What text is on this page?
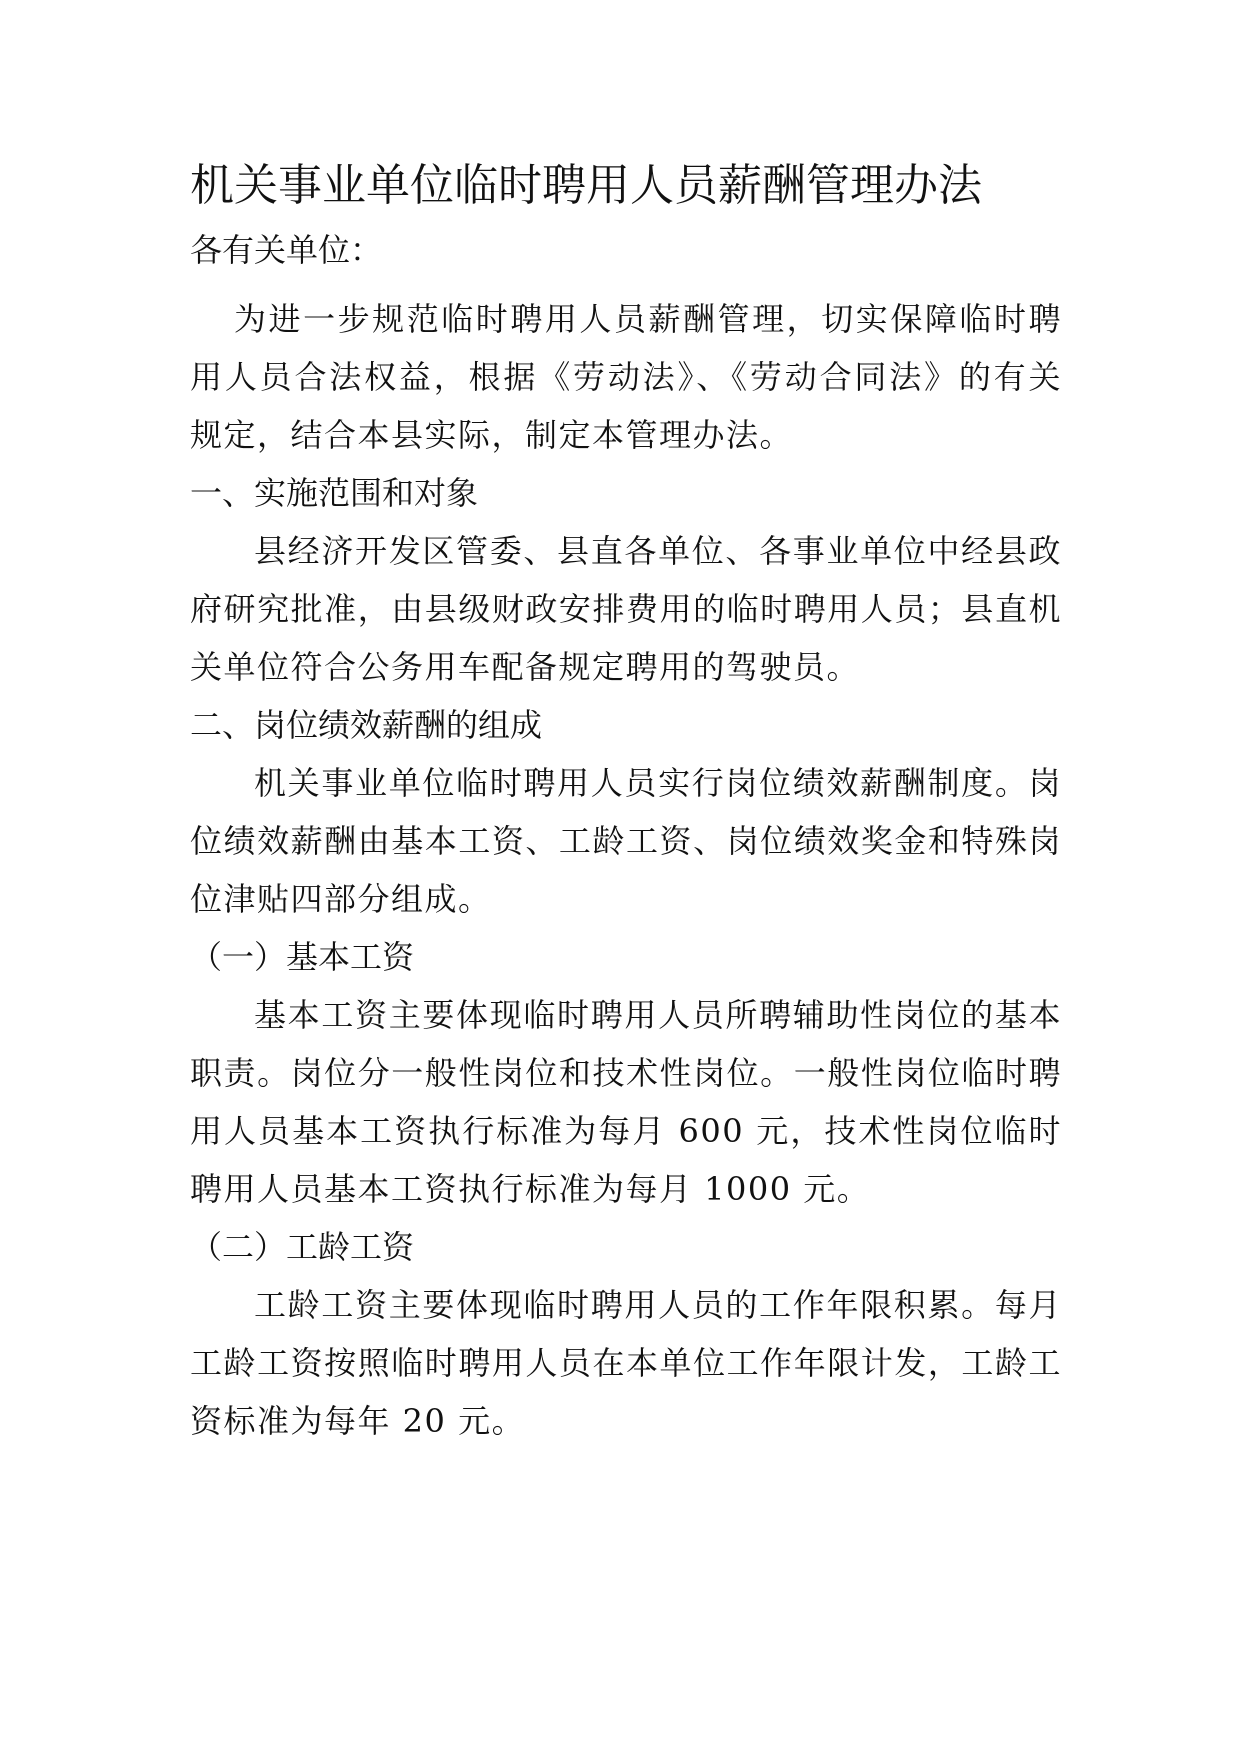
机关事业单位临时聘用人员薪酬管理办法

各有关单位：

为进一步规范临时聘用人员薪酬管理，切实保障临时聘用人员合法权益，根据《劳动法》、《劳动合同法》的有关规定，结合本县实际，制定本管理办法。

一、实施范围和对象

县经济开发区管委、县直各单位、各事业单位中经县政府研究批准，由县级财政安排费用的临时聘用人员；县直机关单位符合公务用车配备规定聘用的驾驶员。

二、岗位绩效薪酬的组成

机关事业单位临时聘用人员实行岗位绩效薪酬制度。岗位绩效薪酬由基本工资、工龄工资、岗位绩效奖金和特殊岗位津贴四部分组成。

（一）基本工资

基本工资主要体现临时聘用人员所聘辅助性岗位的基本职责。岗位分一般性岗位和技术性岗位。一般性岗位临时聘用人员基本工资执行标准为每月 600 元，技术性岗位临时聘用人员基本工资执行标准为每月 1000 元。

（二）工龄工资

工龄工资主要体现临时聘用人员的工作年限积累。每月工龄工资按照临时聘用人员在本单位工作年限计发，工龄工资标准为每年 20 元。
